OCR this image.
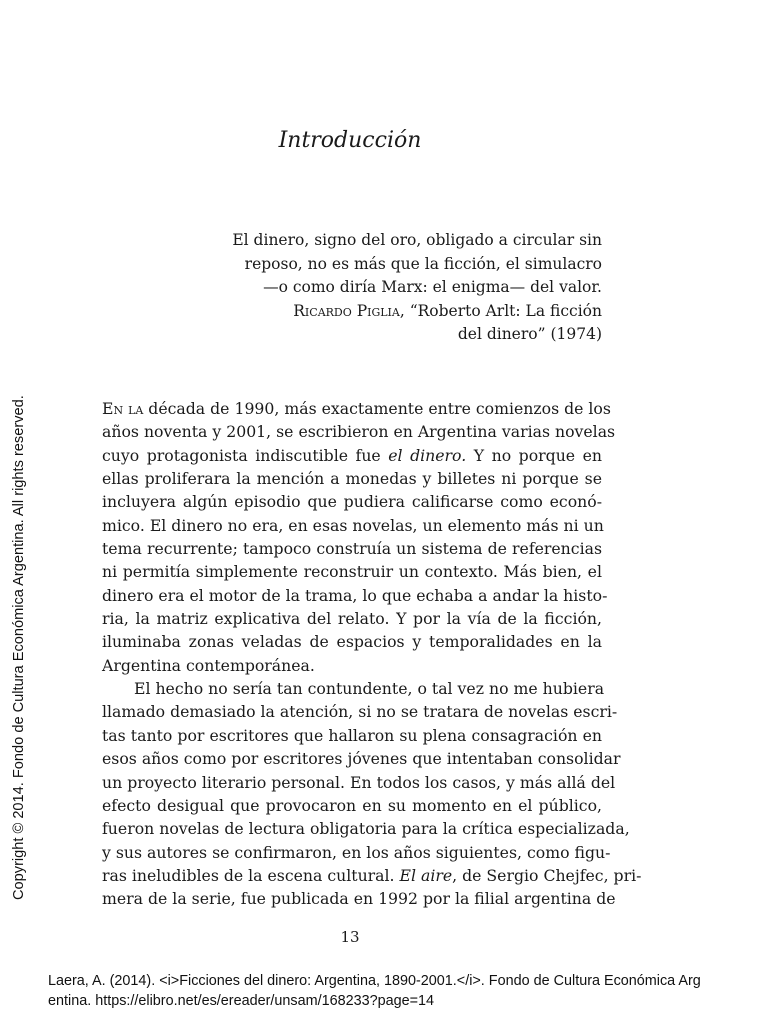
Introducción
El dinero, signo del oro, obligado a circular sin
reposo, no es más que la ficción, el simulacro
—o como diría Marx: el enigma— del valor.
Ricardo Piglia, “Roberto Arlt: La ficción
del dinero” (1974)
En la década de 1990, más exactamente entre comienzos de los
años noventa y 2001, se escribieron en Argentina varias novelas
cuyo protagonista indiscutible fue el dinero. Y no porque en
ellas proliferara la mención a monedas y billetes ni porque se
incluyera algún episodio que pudiera calificarse como econó-
mico. El dinero no era, en esas novelas, un elemento más ni un
tema recurrente; tampoco construía un sistema de referencias
ni permitía simplemente reconstruir un contexto. Más bien, el
dinero era el motor de la trama, lo que echaba a andar la histo-
ria, la matriz explicativa del relato. Y por la vía de la ficción,
iluminaba zonas veladas de espacios y temporalidades en la
Argentina contemporánea.
El hecho no sería tan contundente, o tal vez no me hubiera
llamado demasiado la atención, si no se tratara de novelas escri-
tas tanto por escritores que hallaron su plena consagración en
esos años como por escritores jóvenes que intentaban consolidar
un proyecto literario personal. En todos los casos, y más allá del
efecto desigual que provocaron en su momento en el público,
fueron novelas de lectura obligatoria para la crítica especializada,
y sus autores se confirmaron, en los años siguientes, como figu-
ras ineludibles de la escena cultural. El aire, de Sergio Chejfec, pri-
mera de la serie, fue publicada en 1992 por la filial argentina de
13
Copyright © 2014. Fondo de Cultura Económica Argentina. All rights reserved.
Laera, A. (2014). <i>Ficciones del dinero: Argentina, 1890-2001.</i>. Fondo de Cultura Económica Arg
entina. https://elibro.net/es/ereader/unsam/168233?page=14
